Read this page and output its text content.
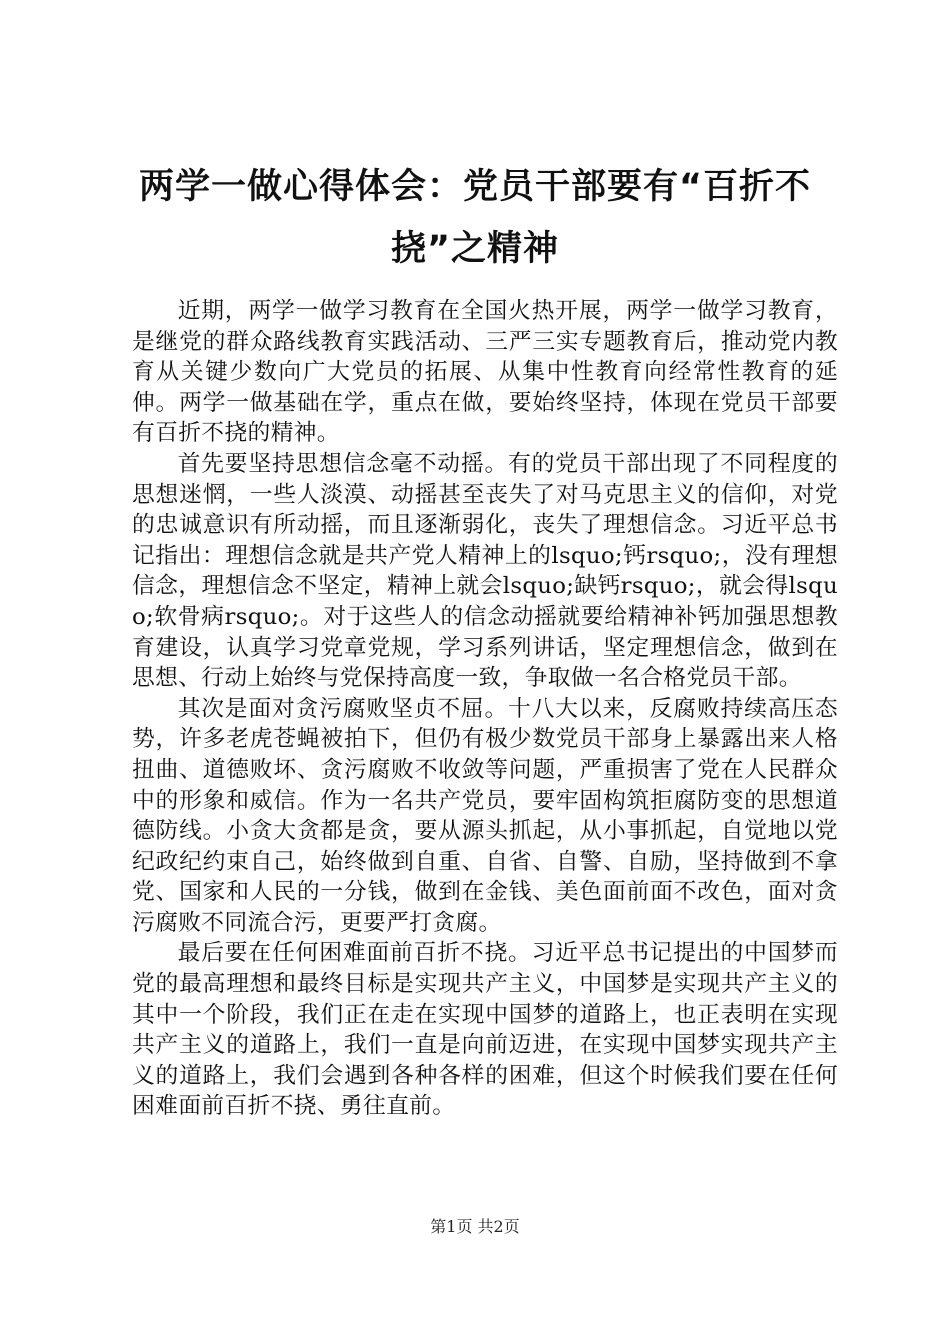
两学一做心得体会：党员干部要有“百折不挠”之精神

近期，两学一做学习教育在全国火热开展，两学一做学习教育，是继党的群众路线教育实践活动、三严三实专题教育后，推动党内教育从关键少数向广大党员的拓展、从集中性教育向经常性教育的延伸。两学一做基础在学，重点在做，要始终坚持，体现在党员干部要有百折不挠的精神。

首先要坚持思想信念毫不动摇。有的党员干部出现了不同程度的思想迷惘，一些人淡漠、动摇甚至丧失了对马克思主义的信仰，对党的忠诚意识有所动摇，而且逐渐弱化，丧失了理想信念。习近平总书记指出：理想信念就是共产党人精神上的lsquo;钙rsquo;，没有理想信念，理想信念不坚定，精神上就会lsquo;缺钙rsquo;，就会得lsquo;软骨病rsquo;。对于这些人的信念动摇就要给精神补钙加强思想教育建设，认真学习党章党规，学习系列讲话，坚定理想信念，做到在思想、行动上始终与党保持高度一致，争取做一名合格党员干部。

其次是面对贪污腐败坚贞不屈。十八大以来，反腐败持续高压态势，许多老虎苍蝇被拍下，但仍有极少数党员干部身上暴露出来人格扭曲、道德败坏、贪污腐败不收敛等问题，严重损害了党在人民群众中的形象和威信。作为一名共产党员，要牢固构筑拒腐防变的思想道德防线。小贪大贪都是贪，要从源头抓起，从小事抓起，自觉地以党纪政纪约束自己，始终做到自重、自省、自警、自励，坚持做到不拿党、国家和人民的一分钱，做到在金钱、美色面前面不改色，面对贪污腐败不同流合污，更要严打贪腐。

最后要在任何困难面前百折不挠。习近平总书记提出的中国梦而党的最高理想和最终目标是实现共产主义，中国梦是实现共产主义的其中一个阶段，我们正在走在实现中国梦的道路上，也正表明在实现共产主义的道路上，我们一直是向前迈进，在实现中国梦实现共产主义的道路上，我们会遇到各种各样的困难，但这个时候我们要在任何困难面前百折不挠、勇往直前。

第1页 共2页
